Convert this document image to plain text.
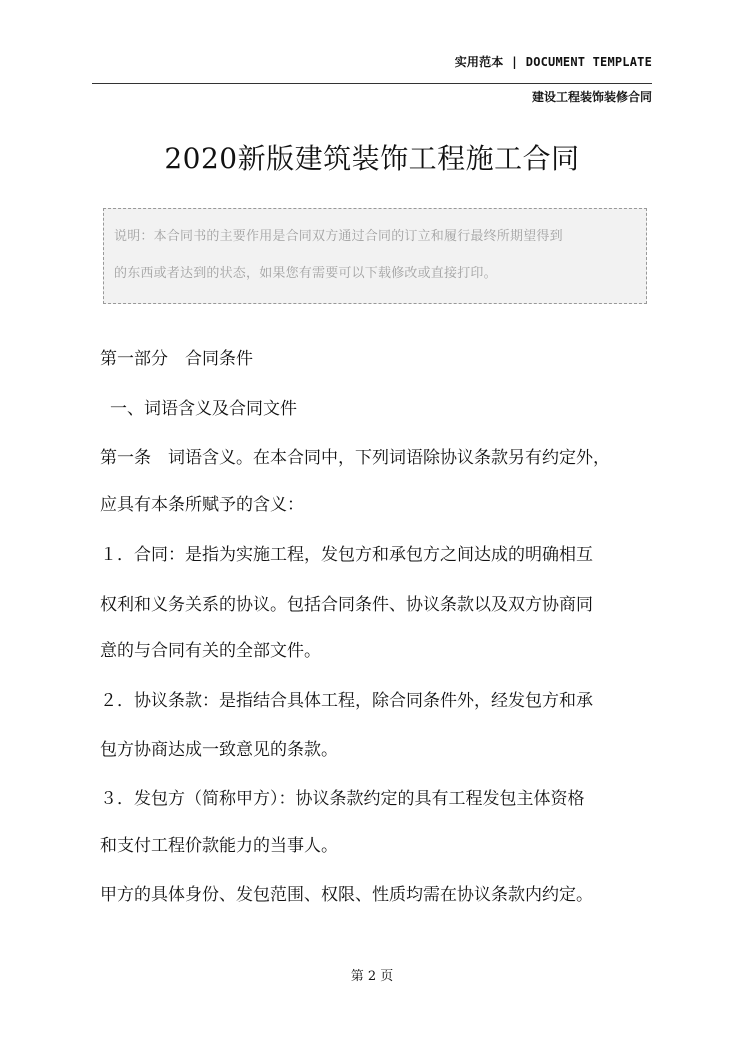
实用范本 | DOCUMENT TEMPLATE
建设工程装饰装修合同
2020新版建筑装饰工程施工合同

说明：本合同书的主要作用是合同双方通过合同的订立和履行最终所期望得到

的东西或者达到的状态，如果您有需要可以下载修改或直接打印。

第一部分　合同条件
一、词语含义及合同文件
第一条　词语含义。在本合同中，下列词语除协议条款另有约定外，
应具有本条所赋予的含义：
１．合同：是指为实施工程，发包方和承包方之间达成的明确相互
权利和义务关系的协议。包括合同条件、协议条款以及双方协商同
意的与合同有关的全部文件。
２．协议条款：是指结合具体工程，除合同条件外，经发包方和承
包方协商达成一致意见的条款。
３．发包方（简称甲方）：协议条款约定的具有工程发包主体资格
和支付工程价款能力的当事人。
甲方的具体身份、发包范围、权限、性质均需在协议条款内约定。
第 2 页
